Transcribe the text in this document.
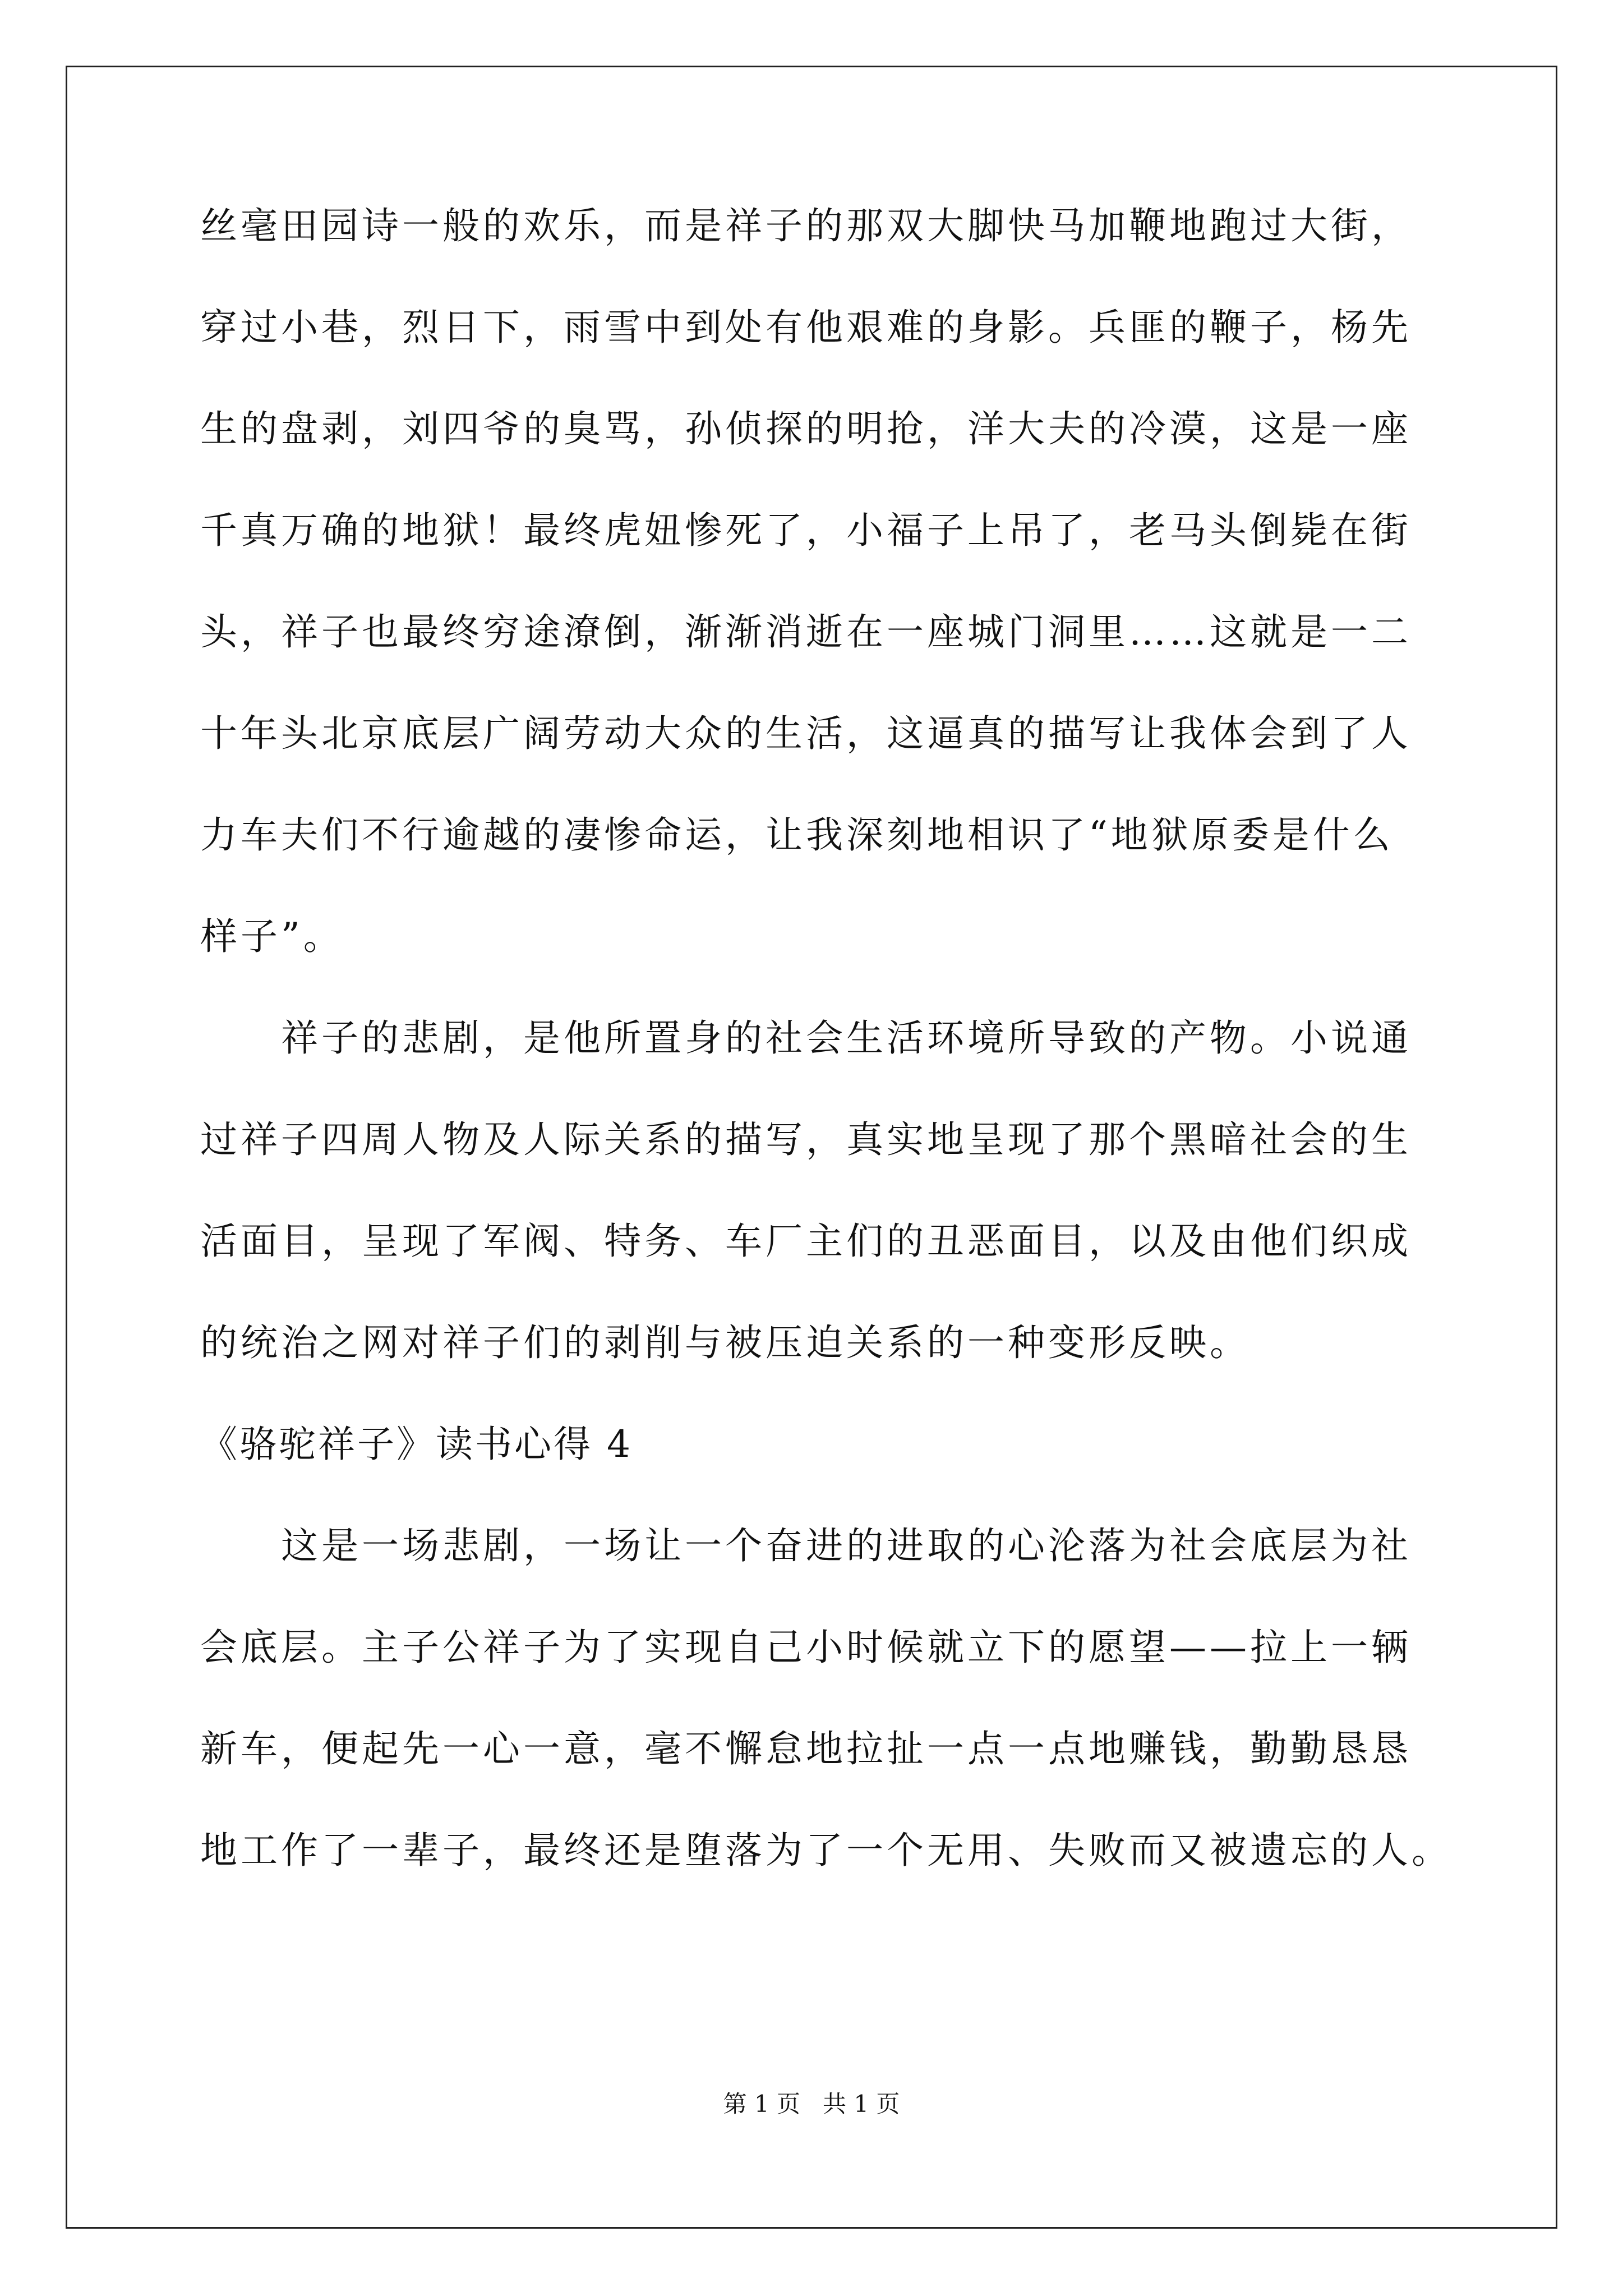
丝毫田园诗一般的欢乐，而是祥子的那双大脚快马加鞭地跑过大街，
穿过小巷，烈日下，雨雪中到处有他艰难的身影。兵匪的鞭子，杨先
生的盘剥，刘四爷的臭骂，孙侦探的明抢，洋大夫的冷漠，这是一座
千真万确的地狱！最终虎妞惨死了，小福子上吊了，老马头倒毙在街
头，祥子也最终穷途潦倒，渐渐消逝在一座城门洞里……这就是一二
十年头北京底层广阔劳动大众的生活，这逼真的描写让我体会到了人
力车夫们不行逾越的凄惨命运，让我深刻地相识了“地狱原委是什么
样子”。
　　祥子的悲剧，是他所置身的社会生活环境所导致的产物。小说通
过祥子四周人物及人际关系的描写，真实地呈现了那个黑暗社会的生
活面目，呈现了军阀、特务、车厂主们的丑恶面目，以及由他们织成
的统治之网对祥子们的剥削与被压迫关系的一种变形反映。
《骆驼祥子》读书心得 4
　　这是一场悲剧，一场让一个奋进的进取的心沦落为社会底层为社
会底层。主子公祥子为了实现自己小时候就立下的愿望——拉上一辆
新车，便起先一心一意，毫不懈怠地拉扯一点一点地赚钱，勤勤恳恳
地工作了一辈子，最终还是堕落为了一个无用、失败而又被遗忘的人。
第 1 页 共 1 页
